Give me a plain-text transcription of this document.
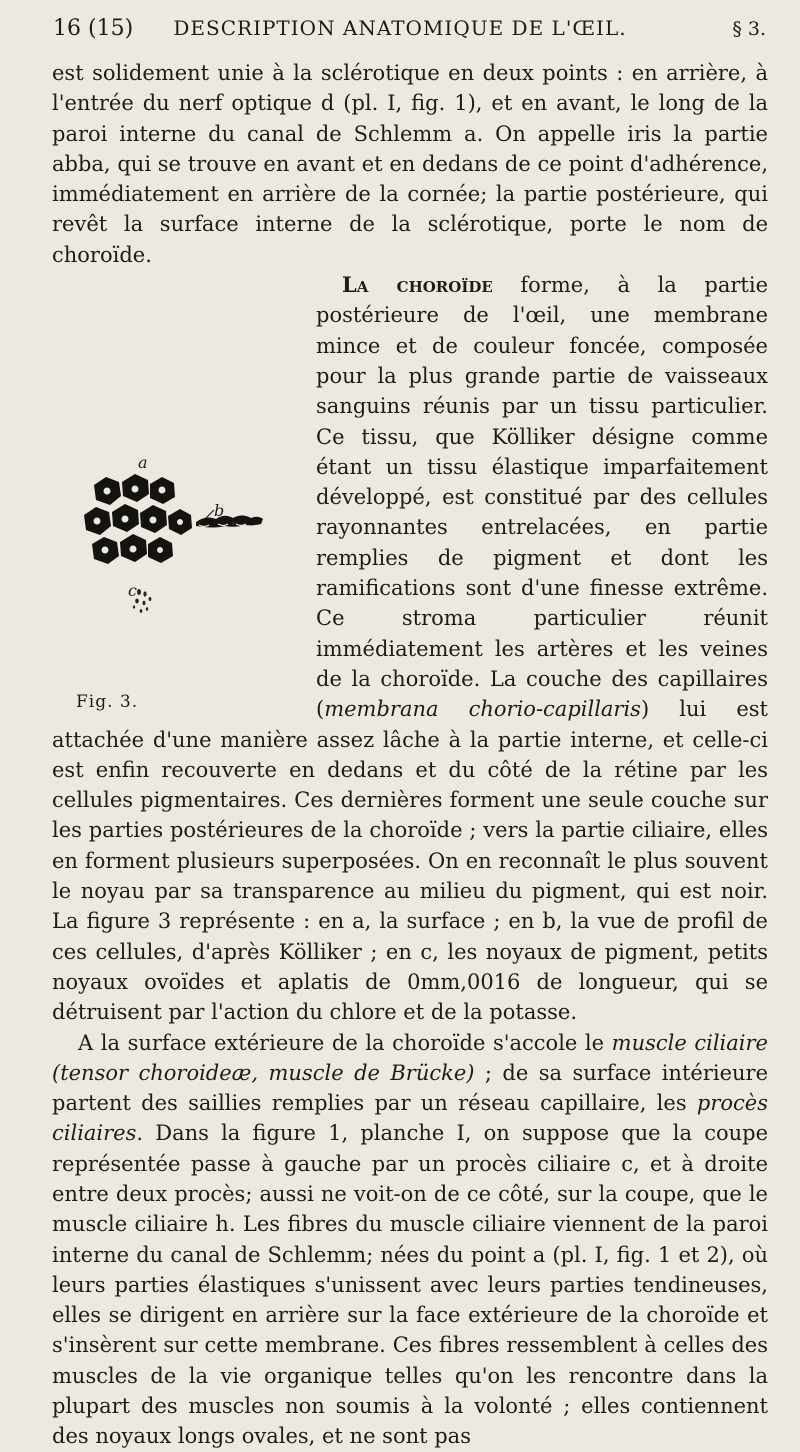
16 (15)	DESCRIPTION ANATOMIQUE DE L'ŒIL.	§ 3.

est solidement unie à la sclérotique en deux points : en arrière, à l'entrée du nerf optique d (pl. I, fig. 1), et en avant, le long de la paroi interne du canal de Schlemm a. On appelle iris la partie abba, qui se trouve en avant et en dedans de ce point d'adhérence, immédiatement en arrière de la cornée; la partie postérieure, qui revêt la surface interne de la sclérotique, porte le nom de choroïde.

a
b
c
Fig. 3.

La choroïde forme, à la partie postérieure de l'œil, une membrane mince et de couleur foncée, composée pour la plus grande partie de vaisseaux sanguins réunis par un tissu particulier. Ce tissu, que Kölliker désigne comme étant un tissu élastique imparfaitement développé, est constitué par des cellules rayonnantes entrelacées, en partie remplies de pigment et dont les ramifications sont d'une finesse extrême. Ce stroma particulier réunit immédiatement les artères et les veines de la choroïde. La couche des capillaires (membrana chorio-capillaris) lui est attachée d'une manière assez lâche à la partie interne, et celle-ci est enfin recouverte en dedans et du côté de la rétine par les cellules pigmentaires. Ces dernières forment une seule couche sur les parties postérieures de la choroïde ; vers la partie ciliaire, elles en forment plusieurs superposées. On en reconnaît le plus souvent le noyau par sa transparence au milieu du pigment, qui est noir. La figure 3 représente : en a, la surface ; en b, la vue de profil de ces cellules, d'après Kölliker ; en c, les noyaux de pigment, petits noyaux ovoïdes et aplatis de 0mm,0016 de longueur, qui se détruisent par l'action du chlore et de la potasse.

A la surface extérieure de la choroïde s'accole le muscle ciliaire (tensor choroideæ, muscle de Brücke) ; de sa surface intérieure partent des saillies remplies par un réseau capillaire, les procès ciliaires. Dans la figure 1, planche I, on suppose que la coupe représentée passe à gauche par un procès ciliaire c, et à droite entre deux procès; aussi ne voit-on de ce côté, sur la coupe, que le muscle ciliaire h. Les fibres du muscle ciliaire viennent de la paroi interne du canal de Schlemm; nées du point a (pl. I, fig. 1 et 2), où leurs parties élastiques s'unissent avec leurs parties tendineuses, elles se dirigent en arrière sur la face extérieure de la choroïde et s'insèrent sur cette membrane. Ces fibres ressemblent à celles des muscles de la vie organique telles qu'on les rencontre dans la plupart des muscles non soumis à la volonté ; elles contiennent des noyaux longs ovales, et ne sont pas
